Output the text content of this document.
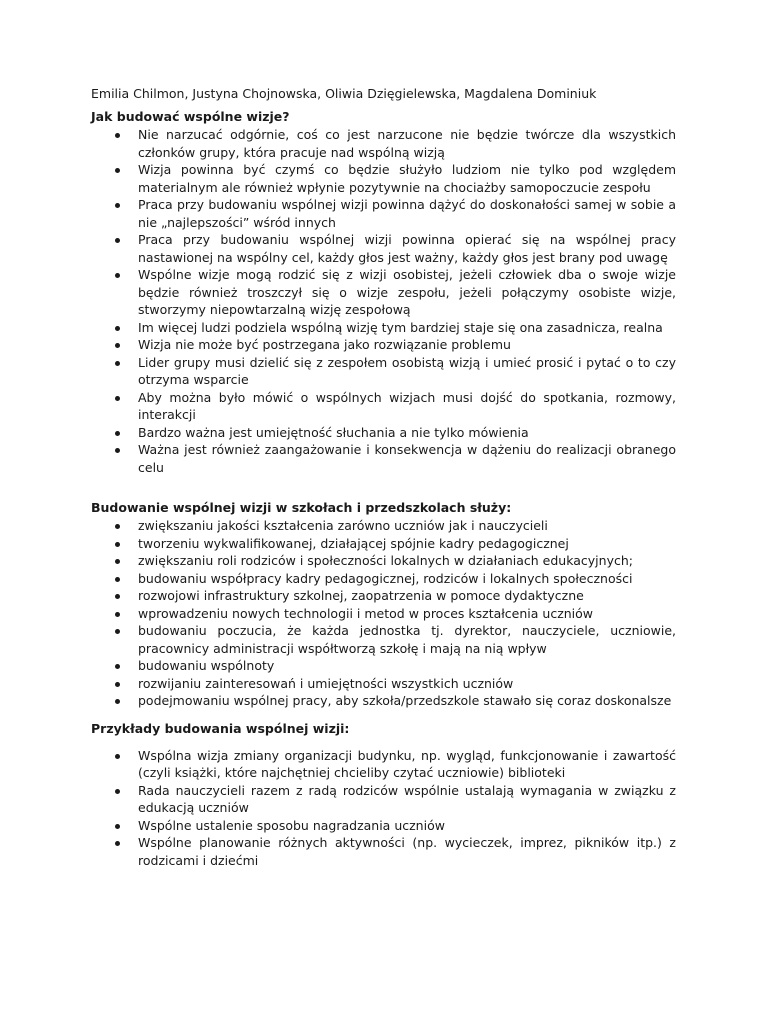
Emilia Chilmon, Justyna Chojnowska, Oliwia Dzięgielewska, Magdalena Dominiuk

Jak budować wspólne wizje?

Nie narzucać odgórnie, coś co jest narzucone nie będzie twórcze dla wszystkich członków grupy, która pracuje nad wspólną wizją
Wizja powinna być czymś co będzie służyło ludziom nie tylko pod względem materialnym ale również wpłynie pozytywnie na chociażby samopoczucie zespołu
Praca przy budowaniu wspólnej wizji powinna dążyć do doskonałości samej w sobie a nie „najlepszości” wśród innych
Praca przy budowaniu wspólnej wizji powinna opierać się na wspólnej pracy nastawionej na wspólny cel, każdy głos jest ważny, każdy głos jest brany pod uwagę
Wspólne wizje mogą rodzić się z wizji osobistej, jeżeli człowiek dba o swoje wizje będzie również troszczył się o wizje zespołu, jeżeli połączymy osobiste wizje, stworzymy niepowtarzalną wizję zespołową
Im więcej ludzi podziela wspólną wizję tym bardziej staje się ona zasadnicza, realna
Wizja nie może być postrzegana jako rozwiązanie problemu
Lider grupy musi dzielić się z zespołem osobistą wizją i umieć prosić i pytać o to czy otrzyma wsparcie
Aby można było mówić o wspólnych wizjach musi dojść do spotkania, rozmowy, interakcji
Bardzo ważna jest umiejętność słuchania a nie tylko mówienia
Ważna jest również zaangażowanie i konsekwencja w dążeniu do realizacji obranego celu

Budowanie wspólnej wizji w szkołach i przedszkolach służy:

zwiększaniu jakości kształcenia zarówno uczniów jak i nauczycieli
tworzeniu wykwalifikowanej, działającej spójnie kadry pedagogicznej
zwiększaniu roli rodziców i społeczności lokalnych w działaniach edukacyjnych;
budowaniu współpracy kadry pedagogicznej, rodziców i lokalnych społeczności
rozwojowi infrastruktury szkolnej, zaopatrzenia w pomoce dydaktyczne
wprowadzeniu nowych technologii i metod w proces kształcenia uczniów
budowaniu poczucia, że każda jednostka tj. dyrektor, nauczyciele, uczniowie, pracownicy administracji współtworzą szkołę i mają na nią wpływ
budowaniu wspólnoty
rozwijaniu zainteresowań i umiejętności wszystkich uczniów
podejmowaniu wspólnej pracy, aby szkoła/przedszkole stawało się coraz doskonalsze

Przykłady budowania wspólnej wizji:

Wspólna wizja zmiany organizacji budynku, np. wygląd, funkcjonowanie i zawartość (czyli książki, które najchętniej chcieliby czytać uczniowie) biblioteki
Rada nauczycieli razem z radą rodziców wspólnie ustalają wymagania w związku z edukacją uczniów
Wspólne ustalenie sposobu nagradzania uczniów
Wspólne planowanie różnych aktywności (np. wycieczek, imprez, pikników itp.) z rodzicami i dziećmi
